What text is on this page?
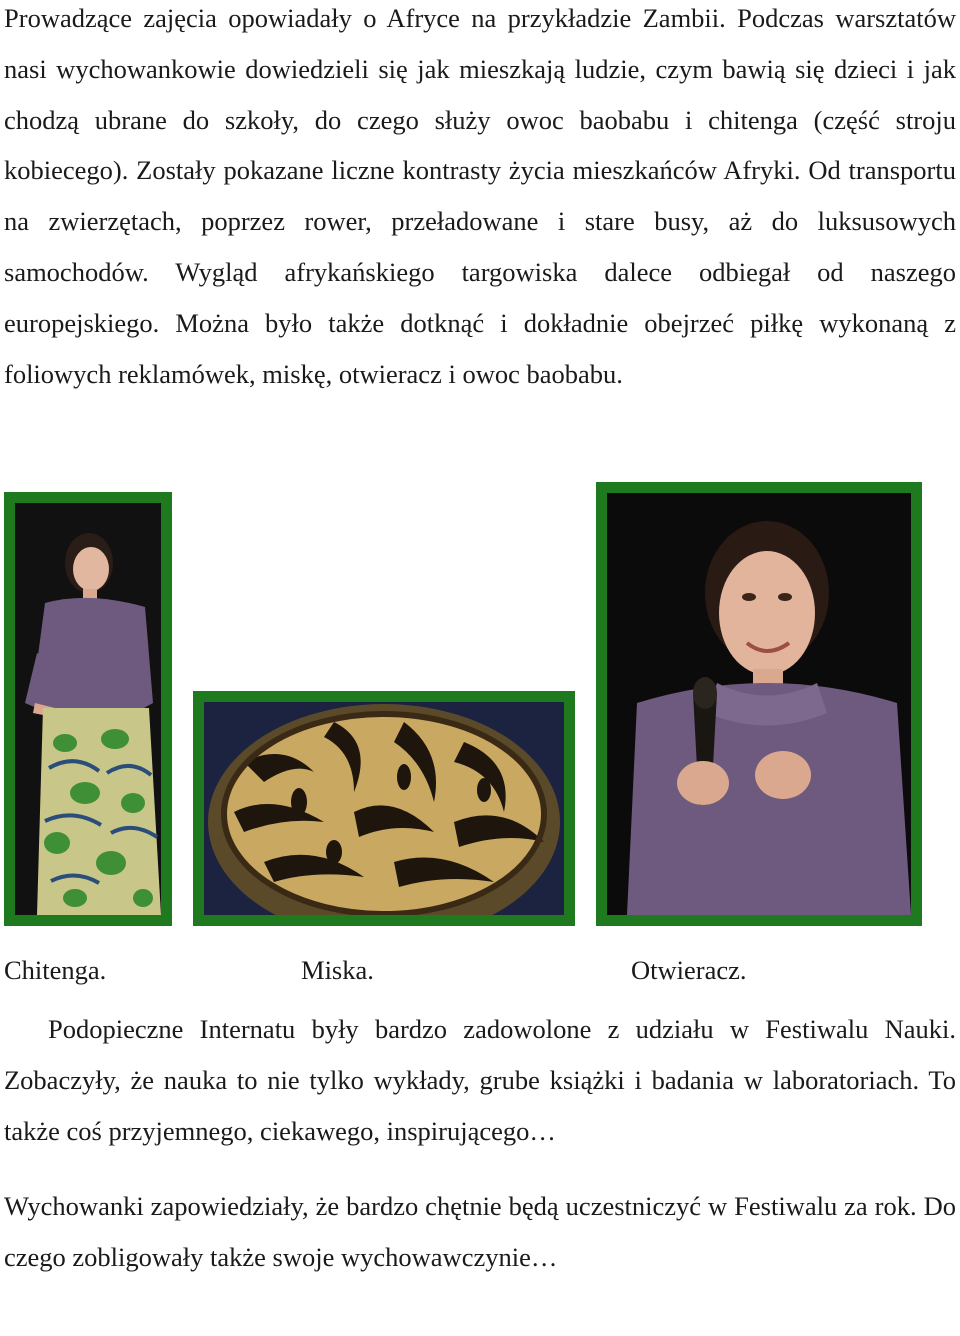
Prowadzące zajęcia opowiadały o Afryce na przykładzie Zambii. Podczas warsztatów nasi wychowankowie dowiedzieli się jak mieszkają ludzie, czym bawią się dzieci i jak chodzą ubrane do szkoły, do czego służy owoc baobabu i chitenga (część stroju kobiecego). Zostały pokazane liczne kontrasty życia mieszkańców Afryki. Od transportu na zwierzętach, poprzez rower, przeładowane i stare busy, aż do luksusowych samochodów. Wygląd afrykańskiego targowiska dalece odbiegał od naszego europejskiego. Można było także dotknąć i dokładnie obejrzeć piłkę wykonaną z foliowych reklamówek, miskę, otwieracz i owoc baobabu.

Chitenga.	Miska.	Otwieracz.

Podopieczne Internatu były bardzo zadowolone z udziału w Festiwalu Nauki. Zobaczyły, że nauka to nie tylko wykłady, grube książki i badania w laboratoriach. To także coś przyjemnego, ciekawego, inspirującego…

Wychowanki zapowiedziały, że bardzo chętnie będą uczestniczyć w Festiwalu za rok. Do czego zobligowały także swoje wychowawczynie…
